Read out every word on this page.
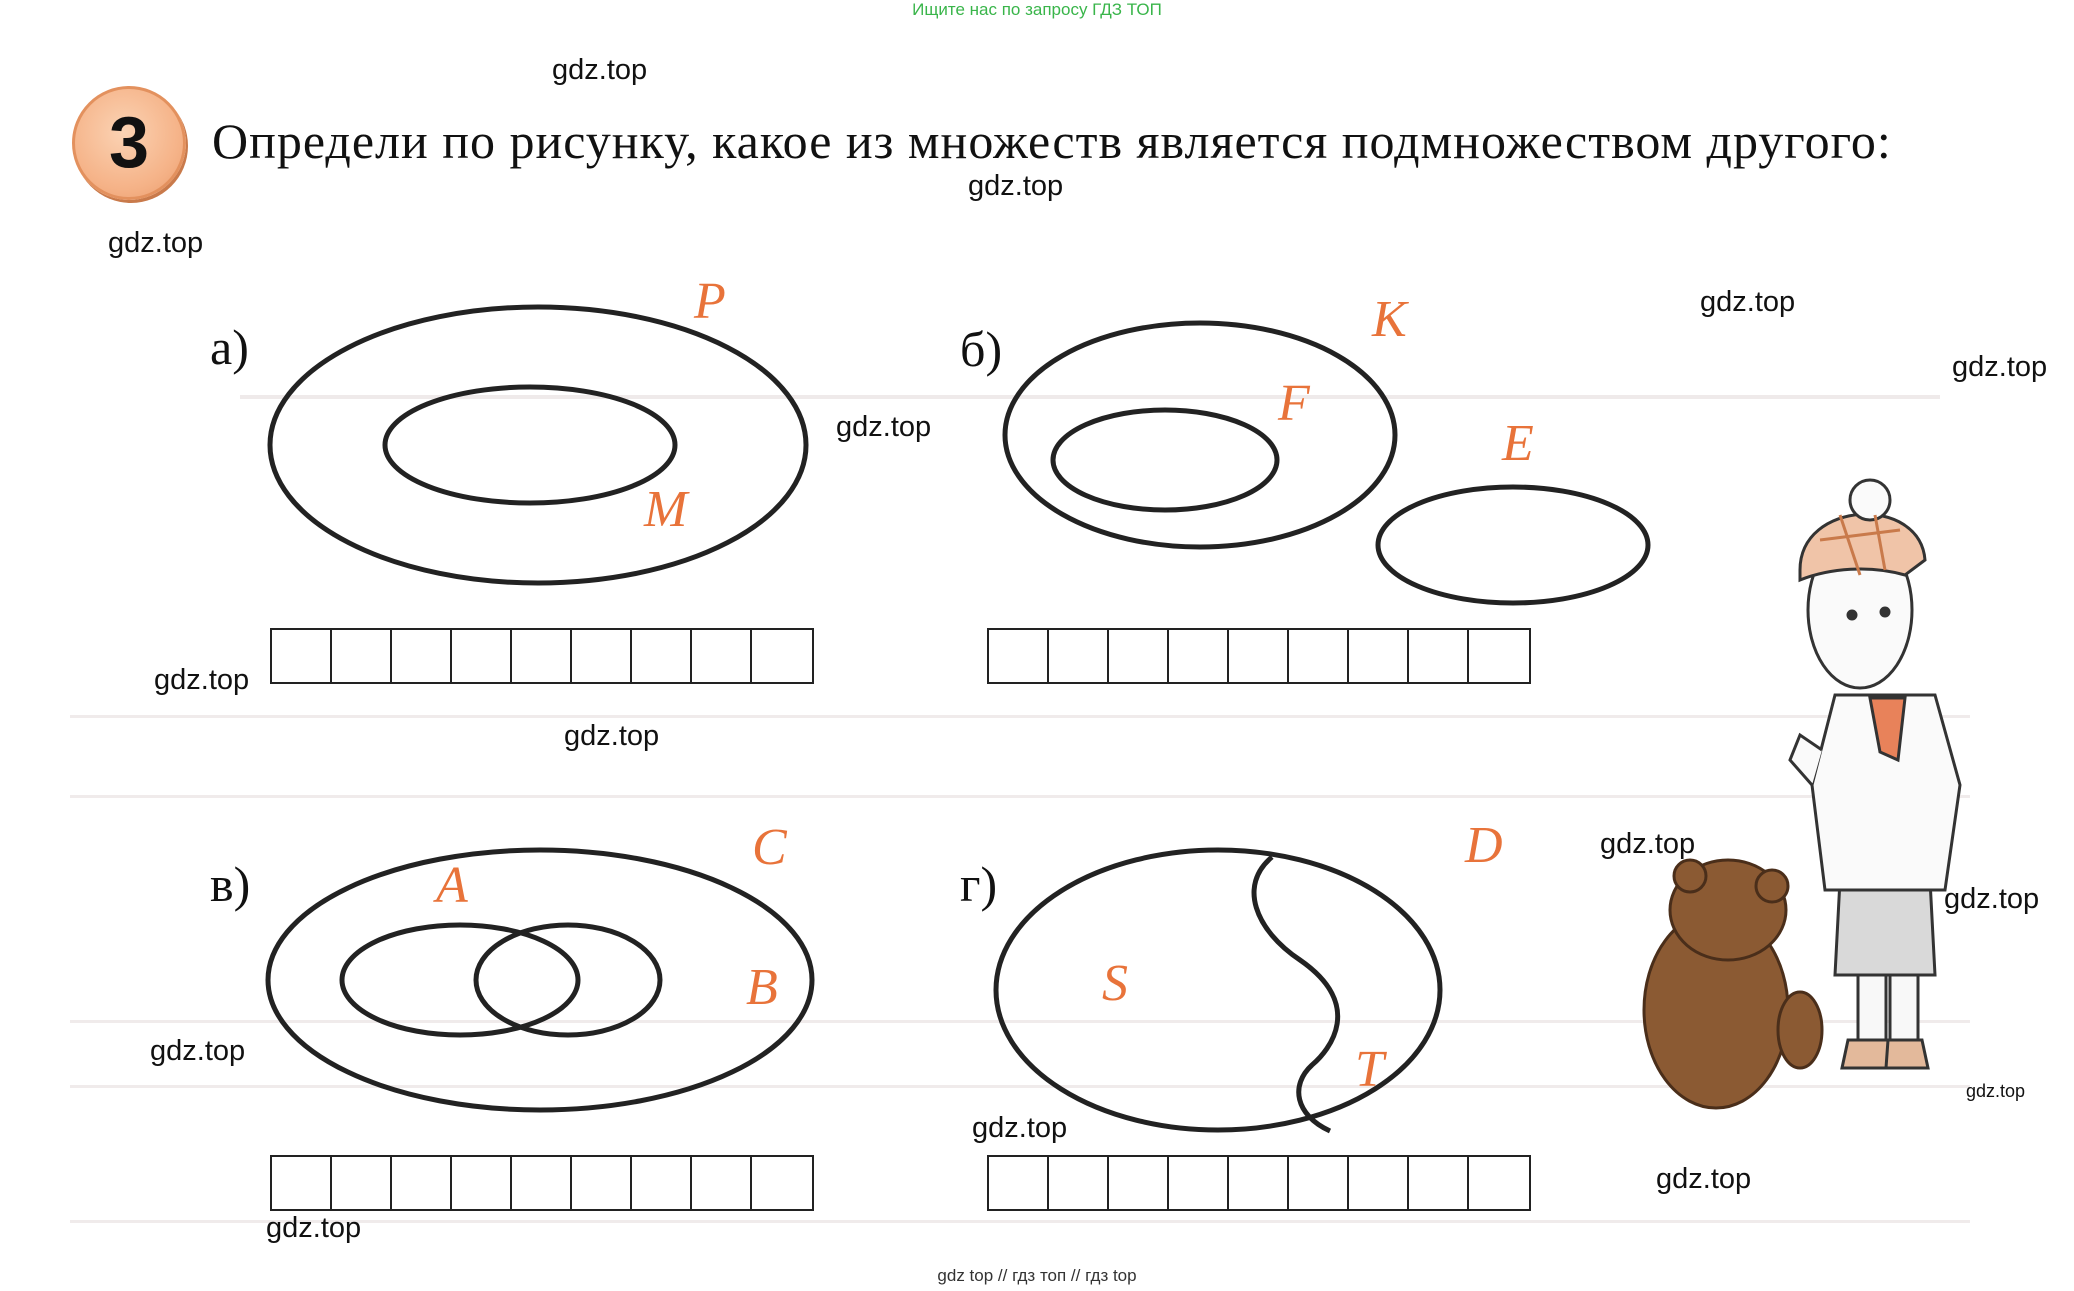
Ищите нас по запросу ГДЗ ТОП
gdz top // гдз топ // гдз top

3 Определи по рисунку, какое из множеств является подмножеством другого:
а)	б)
в)	г)
P
M
K
F
E
A
C
B
D
S
T
gdz.top
gdz.top
gdz.top
gdz.top
gdz.top
gdz.top
gdz.top
gdz.top
gdz.top
gdz.top
gdz.top
gdz.top
gdz.top
gdz.top
gdz.top
